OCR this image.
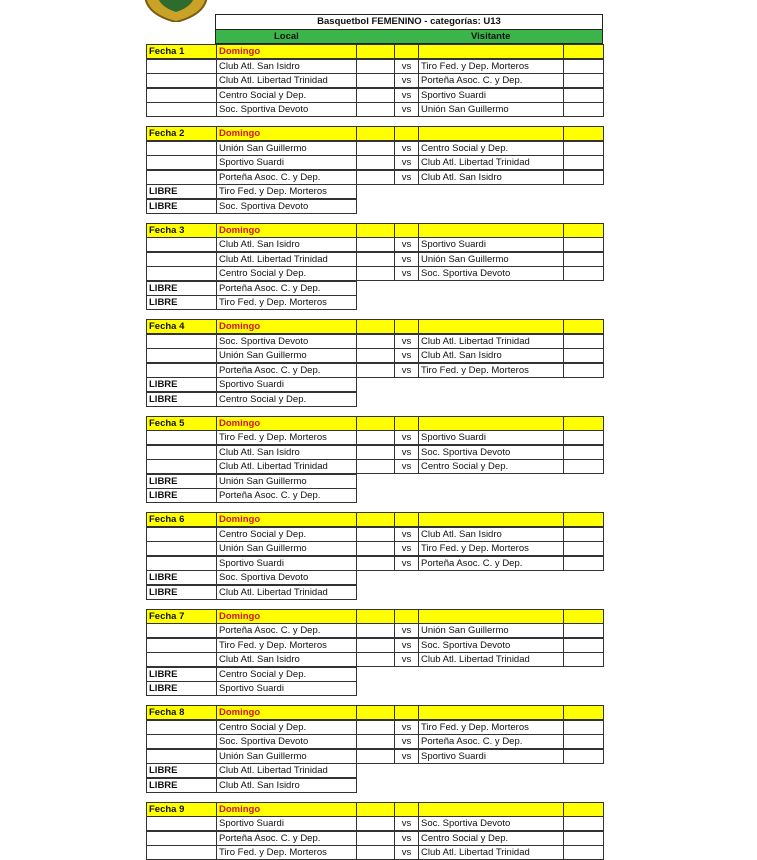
Basquetbol FEMENINO - categorías: U13
Local	Visitante
Fecha 1	Domingo
Club Atl. San Isidro	vs	Tiro Fed. y Dep. Morteros
Club Atl. Libertad Trinidad	vs	Porteña Asoc. C. y Dep.
Centro Social y Dep.	vs	Sportivo Suardi
Soc. Sportiva Devoto	vs	Unión San Guillermo
Fecha 2	Domingo
Unión San Guillermo	vs	Centro Social y Dep.
Sportivo Suardi	vs	Club Atl. Libertad Trinidad
Porteña Asoc. C. y Dep.	vs	Club Atl. San Isidro
LIBRE	Tiro Fed. y Dep. Morteros
LIBRE	Soc. Sportiva Devoto
Fecha 3	Domingo
Club Atl. San Isidro	vs	Sportivo Suardi
Club Atl. Libertad Trinidad	vs	Unión San Guillermo
Centro Social y Dep.	vs	Soc. Sportiva Devoto
LIBRE	Porteña Asoc. C. y Dep.
LIBRE	Tiro Fed. y Dep. Morteros
Fecha 4	Domingo
Soc. Sportiva Devoto	vs	Club Atl. Libertad Trinidad
Unión San Guillermo	vs	Club Atl. San Isidro
Porteña Asoc. C. y Dep.	vs	Tiro Fed. y Dep. Morteros
LIBRE	Sportivo Suardi
LIBRE	Centro Social y Dep.
Fecha 5	Domingo
Tiro Fed. y Dep. Morteros	vs	Sportivo Suardi
Club Atl. San Isidro	vs	Soc. Sportiva Devoto
Club Atl. Libertad Trinidad	vs	Centro Social y Dep.
LIBRE	Unión San Guillermo
LIBRE	Porteña Asoc. C. y Dep.
Fecha 6	Domingo
Centro Social y Dep.	vs	Club Atl. San Isidro
Unión San Guillermo	vs	Tiro Fed. y Dep. Morteros
Sportivo Suardi	vs	Porteña Asoc. C. y Dep.
LIBRE	Soc. Sportiva Devoto
LIBRE	Club Atl. Libertad Trinidad
Fecha 7	Domingo
Porteña Asoc. C. y Dep.	vs	Unión San Guillermo
Tiro Fed. y Dep. Morteros	vs	Soc. Sportiva Devoto
Club Atl. San Isidro	vs	Club Atl. Libertad Trinidad
LIBRE	Centro Social y Dep.
LIBRE	Sportivo Suardi
Fecha 8	Domingo
Centro Social y Dep.	vs	Tiro Fed. y Dep. Morteros
Soc. Sportiva Devoto	vs	Porteña Asoc. C. y Dep.
Unión San Guillermo	vs	Sportivo Suardi
LIBRE	Club Atl. Libertad Trinidad
LIBRE	Club Atl. San Isidro
Fecha 9	Domingo
Sportivo Suardi	vs	Soc. Sportiva Devoto
Porteña Asoc. C. y Dep.	vs	Centro Social y Dep.
Tiro Fed. y Dep. Morteros	vs	Club Atl. Libertad Trinidad
